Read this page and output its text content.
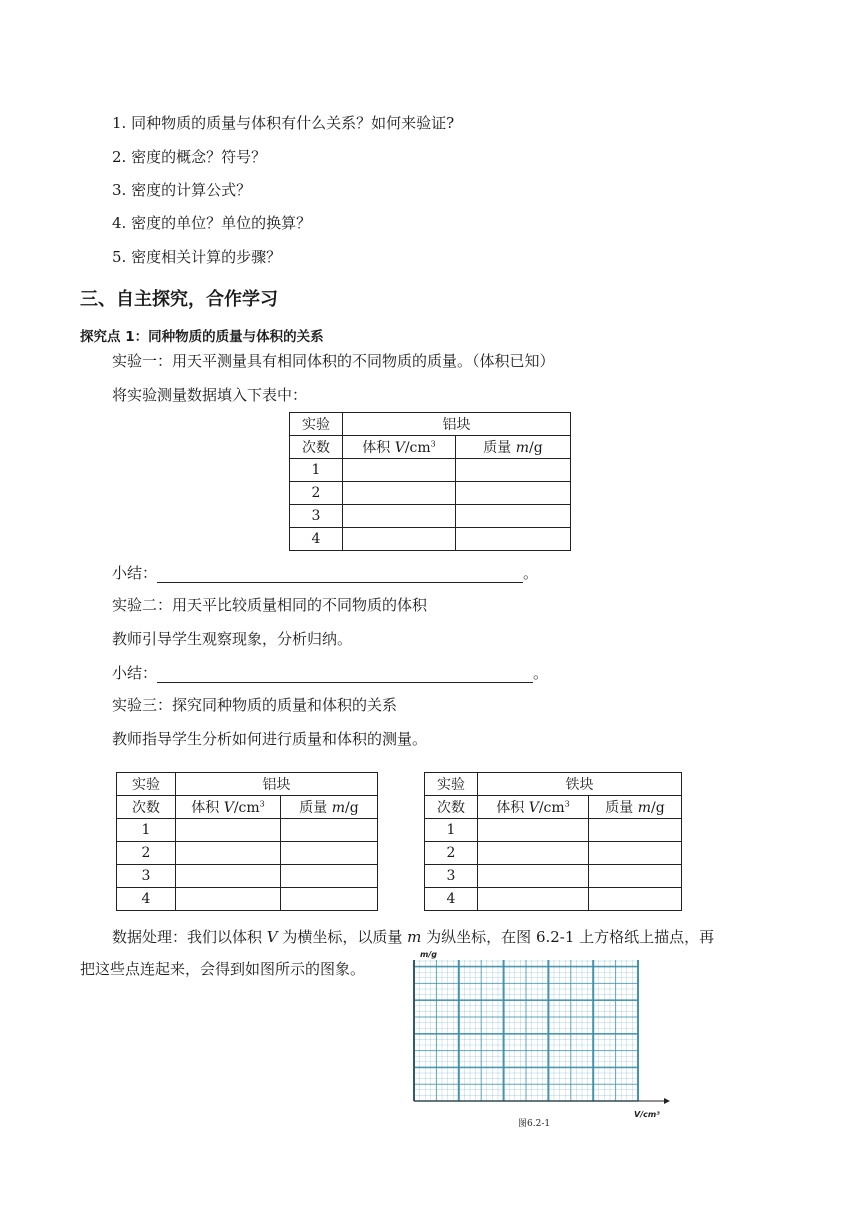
1. 同种物质的质量与体积有什么关系？如何来验证?
2. 密度的概念？符号？
3. 密度的计算公式？
4. 密度的单位？单位的换算？
5. 密度相关计算的步骤？
三、自主探究，合作学习
探究点 1：同种物质的质量与体积的关系
实验一：用天平测量具有相同体积的不同物质的质量。（体积已知）
将实验测量数据填入下表中：
实验	铝块	
次数	体积 $V/cm^3$	质量 m/g
1		
2		
3		
4		
小结：	。
实验二：用天平比较质量相同的不同物质的体积
教师引导学生观察现象，分析归纳。
小结：	。
实验三：探究同种物质的质量和体积的关系
教师指导学生分析如何进行质量和体积的测量。
实验	铝块	
次数	体积 $V/cm^3$	质量 m/g
1		
2		
3		
4		
实验	铁块	
次数	体积 $V/cm^3$	质量 m/g
1		
2		
3		
4		
数据处理：我们以体积 V 为横坐标，以质量 m 为纵坐标，在图 6.2-1 上方格纸上描点，再
把这些点连起来，会得到如图所示的图象。
m/g
V/cm³
图6.2-1
